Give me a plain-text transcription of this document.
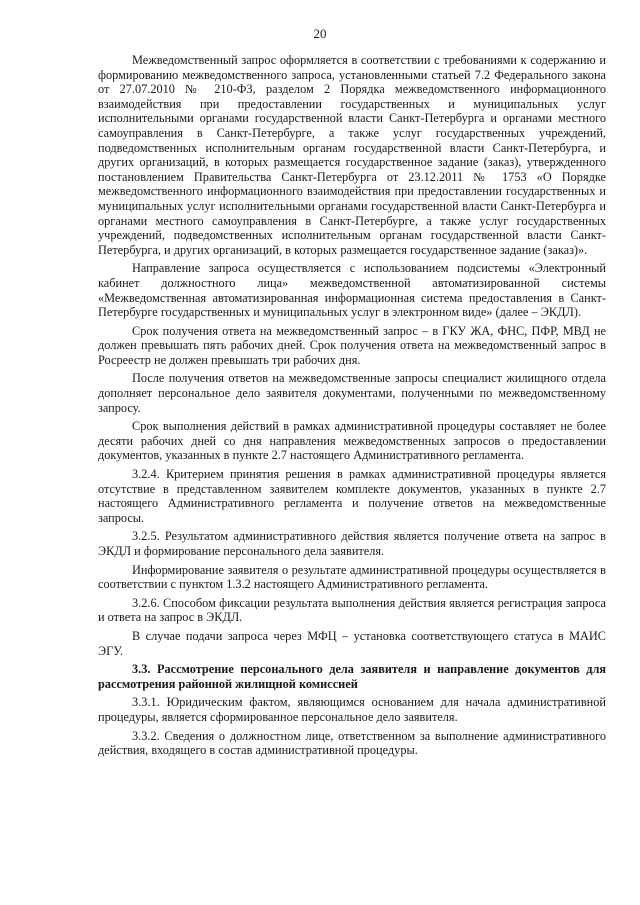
20

Межведомственный запрос оформляется в соответствии с требованиями к содержанию и формированию межведомственного запроса, установленными статьей 7.2 Федерального закона от 27.07.2010 № 210-ФЗ, разделом 2 Порядка межведомственного информационного взаимодействия при предоставлении государственных и муниципальных услуг исполнительными органами государственной власти Санкт-Петербурга и органами местного самоуправления в Санкт-Петербурге, а также услуг государственных учреждений, подведомственных исполнительным органам государственной власти Санкт-Петербурга, и других организаций, в которых размещается государственное задание (заказ), утвержденного постановлением Правительства Санкт-Петербурга от 23.12.2011 № 1753 «О Порядке межведомственного информационного взаимодействия при предоставлении государственных и муниципальных услуг исполнительными органами государственной власти Санкт-Петербурга и органами местного самоуправления в Санкт-Петербурге, а также услуг государственных учреждений, подведомственных исполнительным органам государственной власти Санкт-Петербурга, и других организаций, в которых размещается государственное задание (заказ)».

Направление запроса осуществляется с использованием подсистемы «Электронный кабинет должностного лица» межведомственной автоматизированной системы «Межведомственная автоматизированная информационная система предоставления в Санкт-Петербурге государственных и муниципальных услуг в электронном виде» (далее – ЭКДЛ).

Срок получения ответа на межведомственный запрос – в ГКУ ЖА, ФНС, ПФР, МВД не должен превышать пять рабочих дней. Срок получения ответа на межведомственный запрос в Росреестр не должен превышать три рабочих дня.

После получения ответов на межведомственные запросы специалист жилищного отдела дополняет персональное дело заявителя документами, полученными по межведомственному запросу.

Срок выполнения действий в рамках административной процедуры составляет не более десяти рабочих дней со дня направления межведомственных запросов о предоставлении документов, указанных в пункте 2.7 настоящего Административного регламента.

3.2.4. Критерием принятия решения в рамках административной процедуры является отсутствие в представленном заявителем комплекте документов, указанных в пункте 2.7 настоящего Административного регламента и получение ответов на межведомственные запросы.

3.2.5. Результатом административного действия является получение ответа на запрос в ЭКДЛ и формирование персонального дела заявителя.

Информирование заявителя о результате административной процедуры осуществляется в соответствии с пунктом 1.3.2 настоящего Административного регламента.

3.2.6. Способом фиксации результата выполнения действия является регистрация запроса и ответа на запрос в ЭКДЛ.

В случае подачи запроса через МФЦ – установка соответствующего статуса в МАИС ЭГУ.

3.3. Рассмотрение персонального дела заявителя и направление документов для рассмотрения районной жилищной комиссией

3.3.1. Юридическим фактом, являющимся основанием для начала административной процедуры, является сформированное персональное дело заявителя.

3.3.2. Сведения о должностном лице, ответственном за выполнение административного действия, входящего в состав административной процедуры.
